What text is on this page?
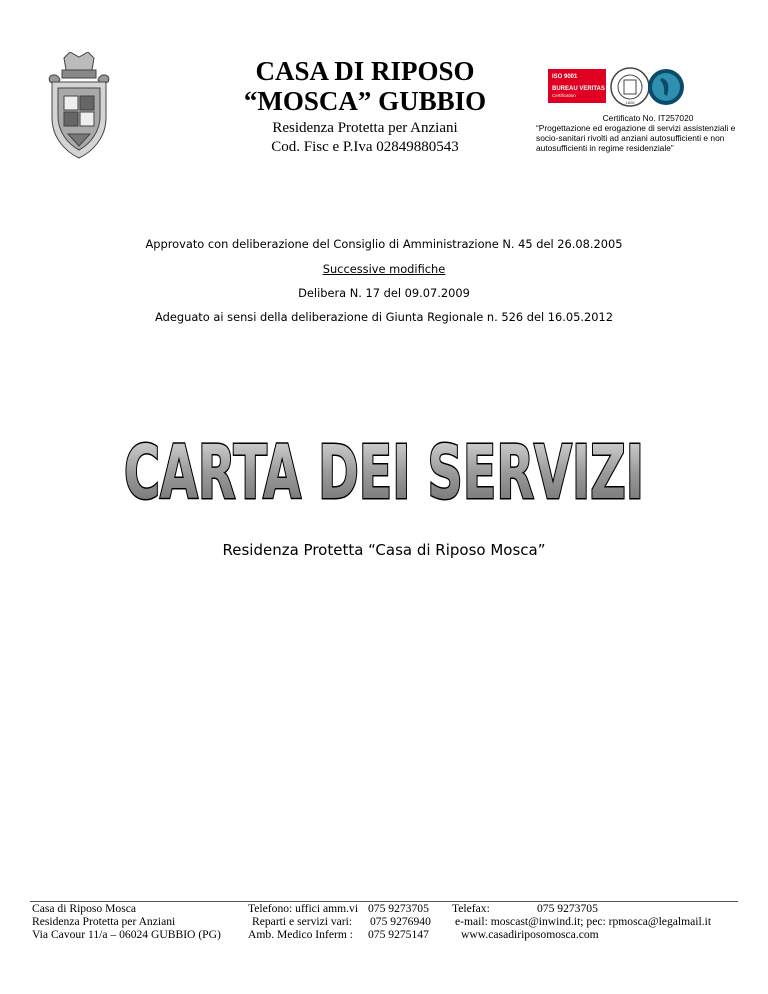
CASA DI RIPOSO
“MOSCA” GUBBIO
Residenza Protetta per Anziani
Cod. Fisc e P.Iva 02849880543
ISO 9001
BUREAU VERITAS
Certification
1828
Certificato No. IT257020
“Progettazione ed erogazione di servizi assistenziali e socio-sanitari rivolti ad anziani autosufficienti e non autosufficienti in regime residenziale”
Approvato con deliberazione del Consiglio di Amministrazione N. 45 del 26.08.2005
Successive modifiche
Delibera N. 17 del 09.07.2009
Adeguato ai sensi della deliberazione di Giunta Regionale n. 526 del 16.05.2012
CARTA DEI SERVIZI
Residenza Protetta “Casa di Riposo Mosca”
Casa di Riposo Mosca
Residenza Protetta per Anziani
Via Cavour 11/a – 06024 GUBBIO (PG)
Telefono: uffici amm.vi
Reparti e servizi vari:
Amb. Medico Inferm :
075 9273705
075 9276940
075 9275147
Telefax:	075 9273705
e-mail: moscast@inwind.it; pec: rpmosca@legalmail.it
www.casadiriposomosca.com
